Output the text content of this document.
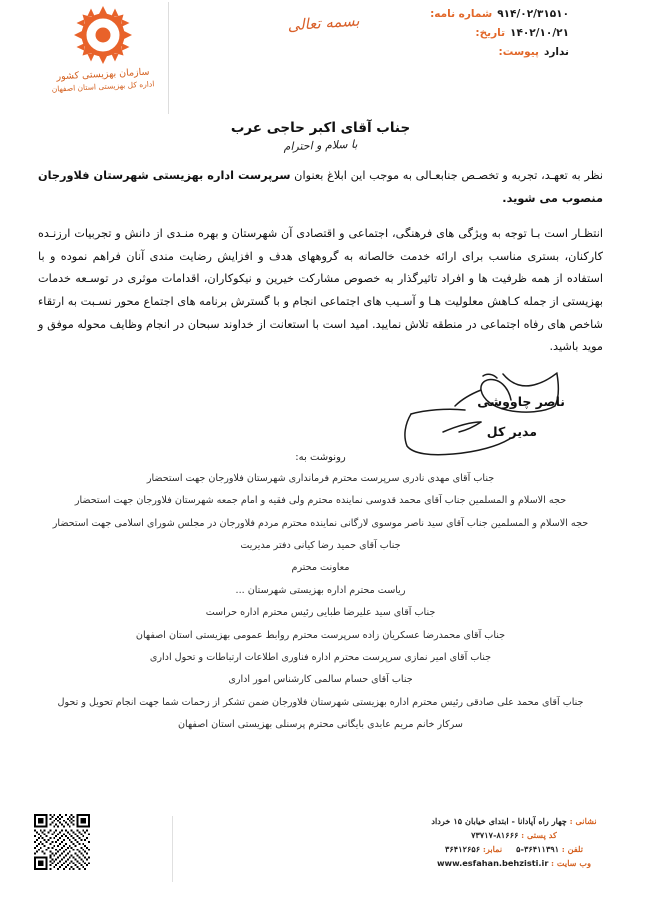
۹۱۴/۰۲/۳۱۵۱۰
شماره نامه:
۱۴۰۲/۱۰/۲۱
تاریخ:
ندارد
پیوست:
بسمه تعالی
سازمان بهزیستی کشور
اداره کل بهزیستی استان اصفهان
جناب آقای اکبر حاجی عرب
با سلام و احترام
نظر به تعهـد، تجربه و تخصـص جنابعـالی به موجب این ابلاغ بعنوان سرپرست اداره بهزیستی شهرستان فلاورجان منصوب می شوید.
انتظـار است بـا توجه به ویژگی های فرهنگی، اجتماعی و اقتصادی آن شهرستان و بهره منـدی از دانش و تجربیات ارزنـده کارکنان، بستری مناسب برای ارائه خدمت خالصانه به گروههای هدف و افزایش رضایت مندی آنان فراهم نموده و با استفاده از همه ظرفیت ها و افراد تاثیرگذار به خصوص مشارکت خیرین و نیکوکاران، اقدامات موثری در توسـعه خدمات بهزیستی از جمله کـاهش معلولیت هـا و آسـیب های اجتماعی انجام و با گسترش برنامه های اجتماع محور نسـبت به ارتقاء شاخص های رفاه اجتماعی در منطقه تلاش نمایید. امید است با استعانت از خداوند سبحان در انجام وظایف محوله موفق و موید باشید.
ناصر چاووشی
مدیر کل
رونوشت به:
جناب آقای مهدی نادری سرپرست محترم فرمانداری شهرستان فلاورجان جهت استحضار
حجه الاسلام و المسلمین جناب آقای محمد قدوسی نماینده محترم ولی فقیه و امام جمعه شهرستان فلاورجان جهت استحضار
حجه الاسلام و المسلمین جناب آقای سید ناصر موسوی لارگانی نماینده محترم مردم فلاورجان در مجلس شورای اسلامی جهت استحضار
جناب آقای حمید رضا کیانی دفتر مدیریت
معاونت محترم
ریاست محترم اداره بهزیستی شهرستان ...
جناب آقای سید علیرضا طبایی رئیس محترم اداره حراست
جناب آقای محمدرضا عسکریان زاده سرپرست محترم روابط عمومی بهزیستی استان اصفهان
جناب آقای امیر نمازی سرپرست محترم اداره فناوری اطلاعات ارتباطات و تحول اداری
جناب آقای حسام سالمی کارشناس امور اداری
جناب آقای محمد علی صادقی رئیس محترم اداره بهزیستی شهرستان فلاورجان ضمن تشکر از زحمات شما جهت انجام تحویل و تحول
سرکار خانم مریم عابدی بایگانی محترم پرسنلی بهزیستی استان اصفهان
نشانی : چهار راه آپادانا - ابتدای خیابان ۱۵ خرداد
کد پستی : ۸۱۶۶۶-۷۳۷۱۷
تلفن : ۳۶۴۱۱۳۹۱-۵
نمابر: ۳۶۴۱۲۶۵۶
وب سایت : www.esfahan.behzisti.ir
